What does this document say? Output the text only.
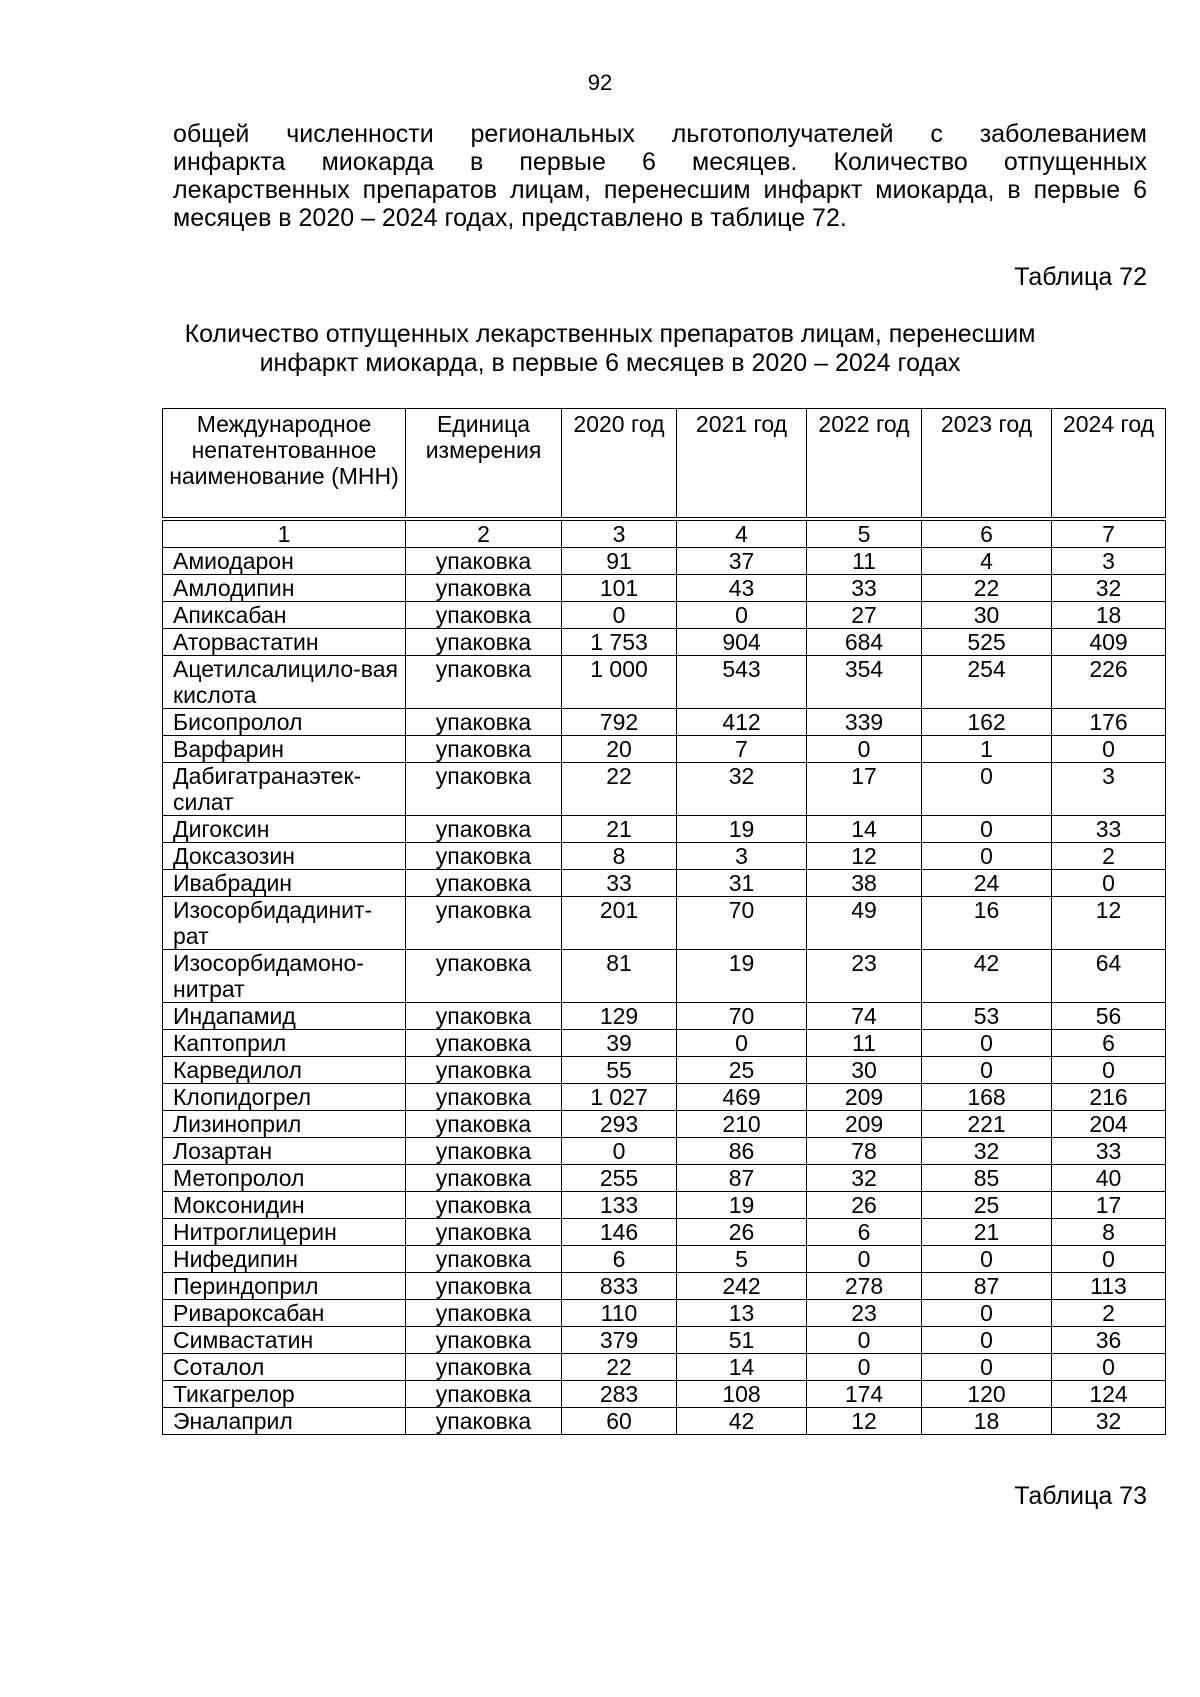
92

общей численности региональных льготополучателей с заболеванием
инфаркта миокарда в первые 6 месяцев. Количество отпущенных
лекарственных препаратов лицам, перенесшим инфаркт миокарда, в первые 6
месяцев в 2020 – 2024 годах, представлено в таблице 72.

Таблица 72

Количество отпущенных лекарственных препаратов лицам, перенесшим
инфаркт миокарда, в первые 6 месяцев в 2020 – 2024 годах

Международное непатентованное наименование (МНН)	Единица измерения	2020 год	2021 год	2022 год	2023 год	2024 год
1	2	3	4	5	6	7
Амиодарон	упаковка	91	37	11	4	3
Амлодипин	упаковка	101	43	33	22	32
Апиксабан	упаковка	0	0	27	30	18
Аторвастатин	упаковка	1 753	904	684	525	409
Ацетилсалицило-вая кислота	упаковка	1 000	543	354	254	226
Бисопролол	упаковка	792	412	339	162	176
Варфарин	упаковка	20	7	0	1	0
Дабигатранаэтек-силат	упаковка	22	32	17	0	3
Дигоксин	упаковка	21	19	14	0	33
Доксазозин	упаковка	8	3	12	0	2
Ивабрадин	упаковка	33	31	38	24	0
Изосорбидадинит-рат	упаковка	201	70	49	16	12
Изосорбидамоно-нитрат	упаковка	81	19	23	42	64
Индапамид	упаковка	129	70	74	53	56
Каптоприл	упаковка	39	0	11	0	6
Карведилол	упаковка	55	25	30	0	0
Клопидогрел	упаковка	1 027	469	209	168	216
Лизиноприл	упаковка	293	210	209	221	204
Лозартан	упаковка	0	86	78	32	33
Метопролол	упаковка	255	87	32	85	40
Моксонидин	упаковка	133	19	26	25	17
Нитроглицерин	упаковка	146	26	6	21	8
Нифедипин	упаковка	6	5	0	0	0
Периндоприл	упаковка	833	242	278	87	113
Ривароксабан	упаковка	110	13	23	0	2
Симвастатин	упаковка	379	51	0	0	36
Соталол	упаковка	22	14	0	0	0
Тикагрелор	упаковка	283	108	174	120	124
Эналаприл	упаковка	60	42	12	18	32
Таблица 73
